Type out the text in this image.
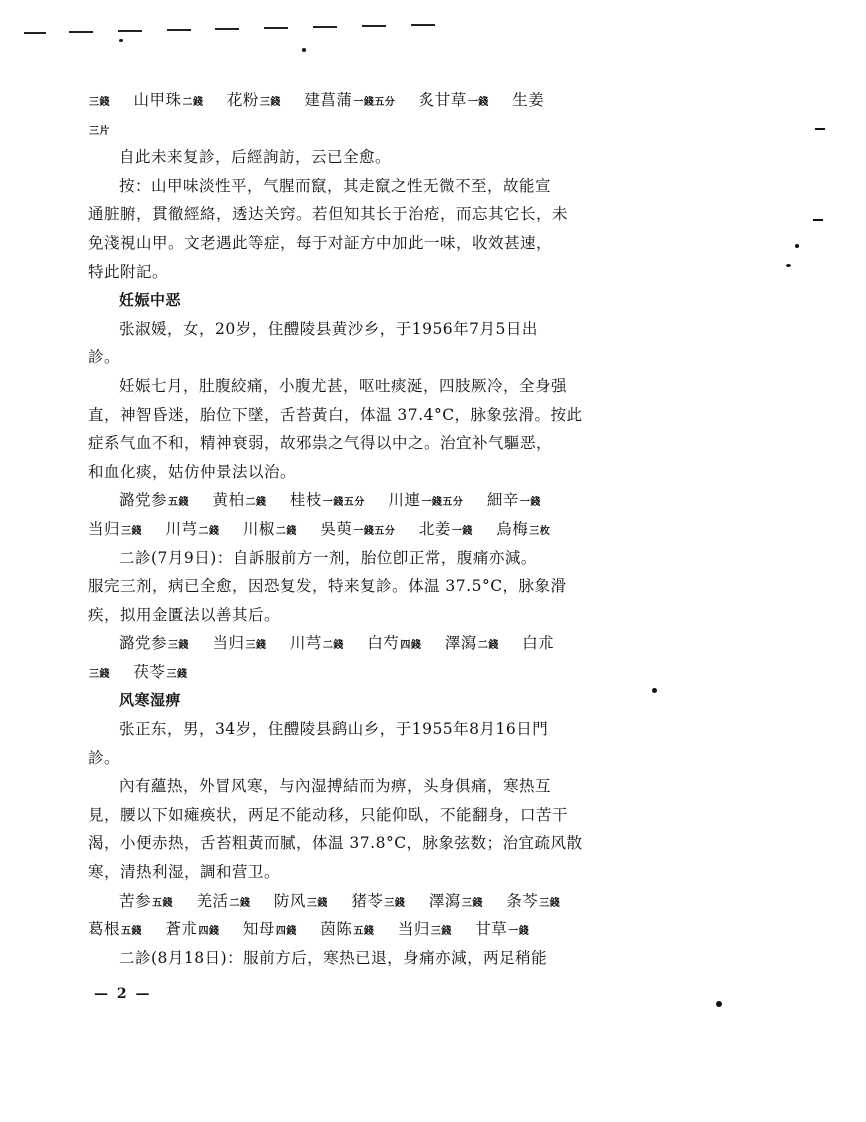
三錢 山甲珠二錢 花粉三錢 建菖蒲一錢五分 炙甘草一錢 生姜
三片
自此未来复診，后經詢訪，云已全愈。
按：山甲味淡性平，气腥而竄，其走竄之性无微不至，故能宣
通脏腑，貫徹經絡，透达关窍。若但知其长于治疮，而忘其它长，未
免淺視山甲。文老遇此等症，每于对証方中加此一味，收效甚速，
特此附記。
妊娠中恶
张淑媛，女，20岁，住醴陵县黄沙乡，于1956年7月5日出
診。
妊娠七月，肚腹絞痛，小腹尤甚，呕吐痰涎，四肢厥冷，全身强
直，神智昏迷，胎位下墜，舌苔黃白，体温 37.4°C，脉象弦滑。按此
症系气血不和，精神衰弱，故邪祟之气得以中之。治宜补气驅恶，
和血化痰，姑仿仲景法以治。
潞党参五錢 黄柏二錢 桂枝一錢五分 川連一錢五分 細辛一錢
当归三錢 川芎二錢 川椒二錢 吳萸一錢五分 北姜一錢 烏梅三枚
二診(7月9日)：自訴服前方一剂，胎位卽正常，腹痛亦減。
服完三剂，病已全愈，因恐复发，特来复診。体温 37.5°C，脉象滑
疾，拟用金匱法以善其后。
潞党参三錢 当归三錢 川芎二錢 白芍四錢 澤瀉二錢 白朮
三錢 茯苓三錢
风寒湿痹
张正东，男，34岁，住醴陵县鹞山乡，于1955年8月16日門
診。
內有蘊热，外冒风寒，与內湿搏結而为痹，头身俱痛，寒热互
見，腰以下如瘫痪状，两足不能动移，只能仰臥，不能翻身，口苦干
渴，小便赤热，舌苔粗黃而膩，体温 37.8°C，脉象弦数；治宜疏风散
寒，清热利湿，調和营卫。
苦参五錢 羌活二錢 防风三錢 猪苓三錢 澤瀉三錢 条芩三錢
葛根五錢 蒼朮四錢 知母四錢 茵陈五錢 当归三錢 甘草一錢
二診(8月18日)：服前方后，寒热已退，身痛亦減，两足稍能
— 2 —
